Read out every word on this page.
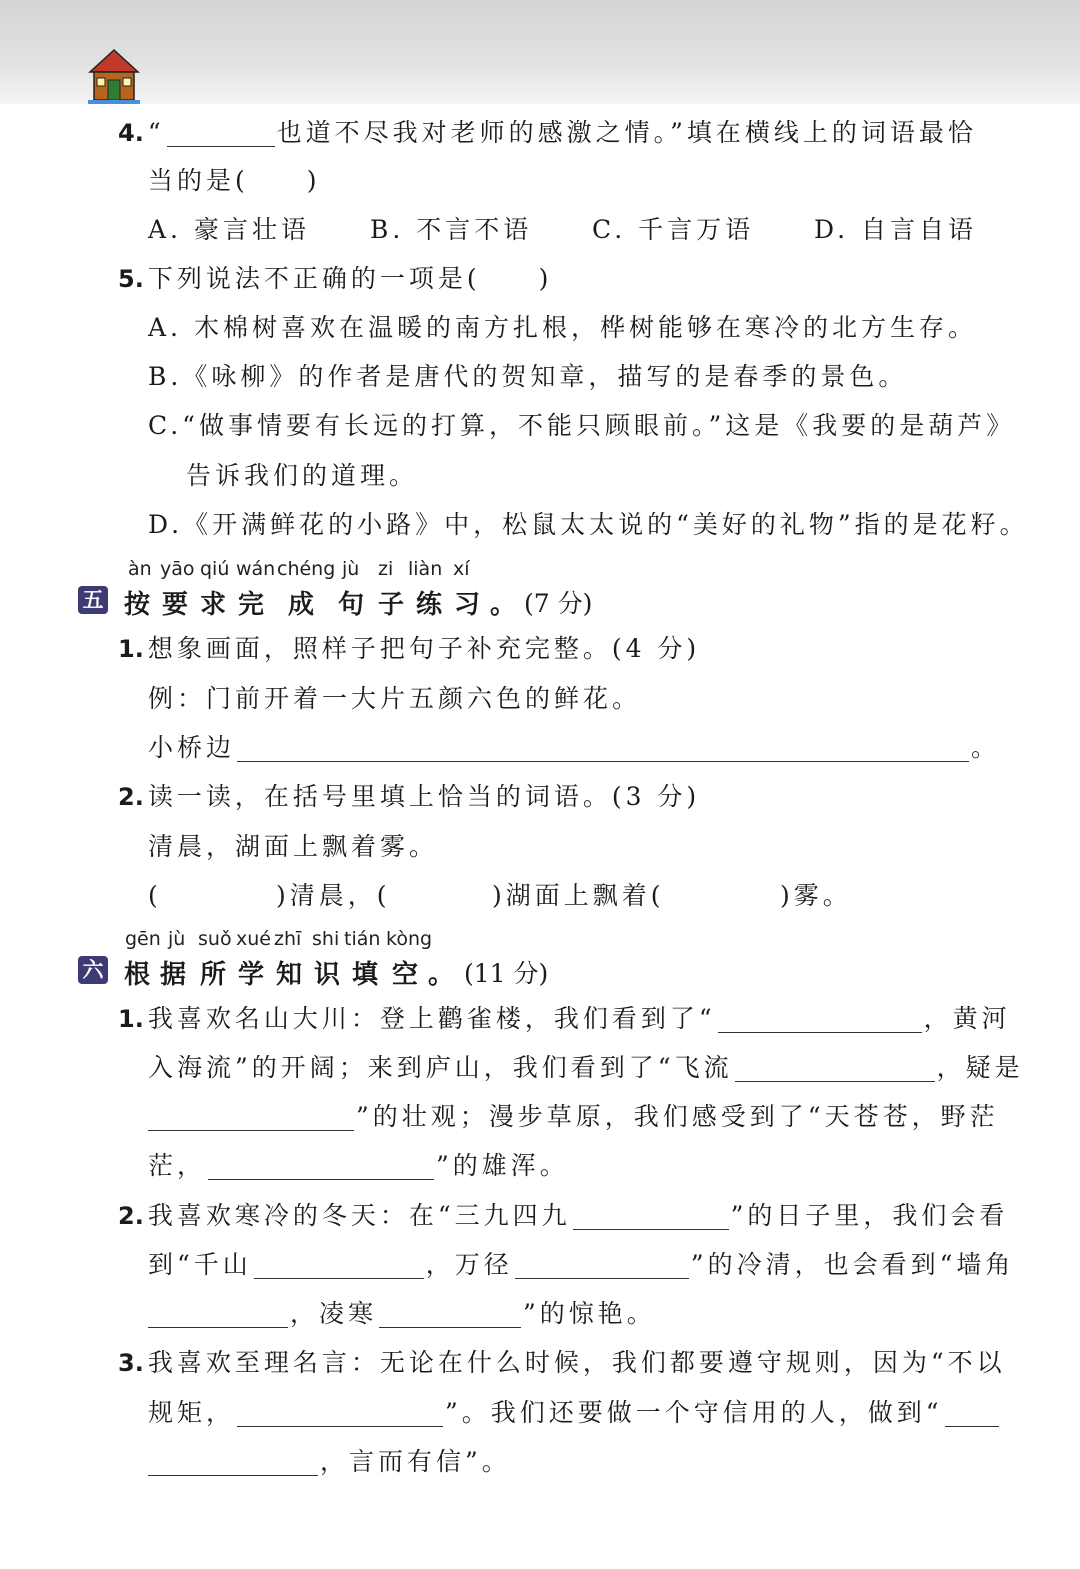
4. “	也道不尽我对老师的感激之情。”填在横线上的词语最恰
当的是(　　)
A. 豪言壮语 B. 不言不语 C. 千言万语 D. 自言自语
5. 下列说法不正确的一项是(　　)
A. 木棉树喜欢在温暖的南方扎根，桦树能够在寒冷的北方生存。
B.《咏柳》的作者是唐代的贺知章，描写的是春季的景色。
C.“做事情要有长远的打算，不能只顾眼前。”这是《我要的是葫芦》
告诉我们的道理。
D.《开满鲜花的小路》中，松鼠太太说的“美好的礼物”指的是花籽。
àn yāo qiú wán chéng jù zi liàn xí
五 按 要 求 完 成 句 子 练 习 。 (7 分)
1. 想象画面，照样子把句子补充完整。(4 分)
例：门前开着一大片五颜六色的鲜花。
小桥边	。
2. 读一读，在括号里填上恰当的词语。(3 分)
清晨，湖面上飘着雾。
(	)清晨，(	)湖面上飘着(	)雾。
gēn jù suǒ xué zhī shi tián kòng
六 根 据 所 学 知 识 填 空 。 (11 分)
1. 我喜欢名山大川：登上鹳雀楼，我们看到了“	，黄河
入海流”的开阔；来到庐山，我们看到了“飞流	，疑是
”的壮观；漫步草原，我们感受到了“天苍苍，野茫
茫，	”的雄浑。
2. 我喜欢寒冷的冬天：在“三九四九	”的日子里，我们会看
到“千山	，万径	”的冷清，也会看到“墙角
，凌寒	”的惊艳。
3. 我喜欢至理名言：无论在什么时候，我们都要遵守规则，因为“不以
规矩，	”。我们还要做一个守信用的人，做到“
，言而有信”。
